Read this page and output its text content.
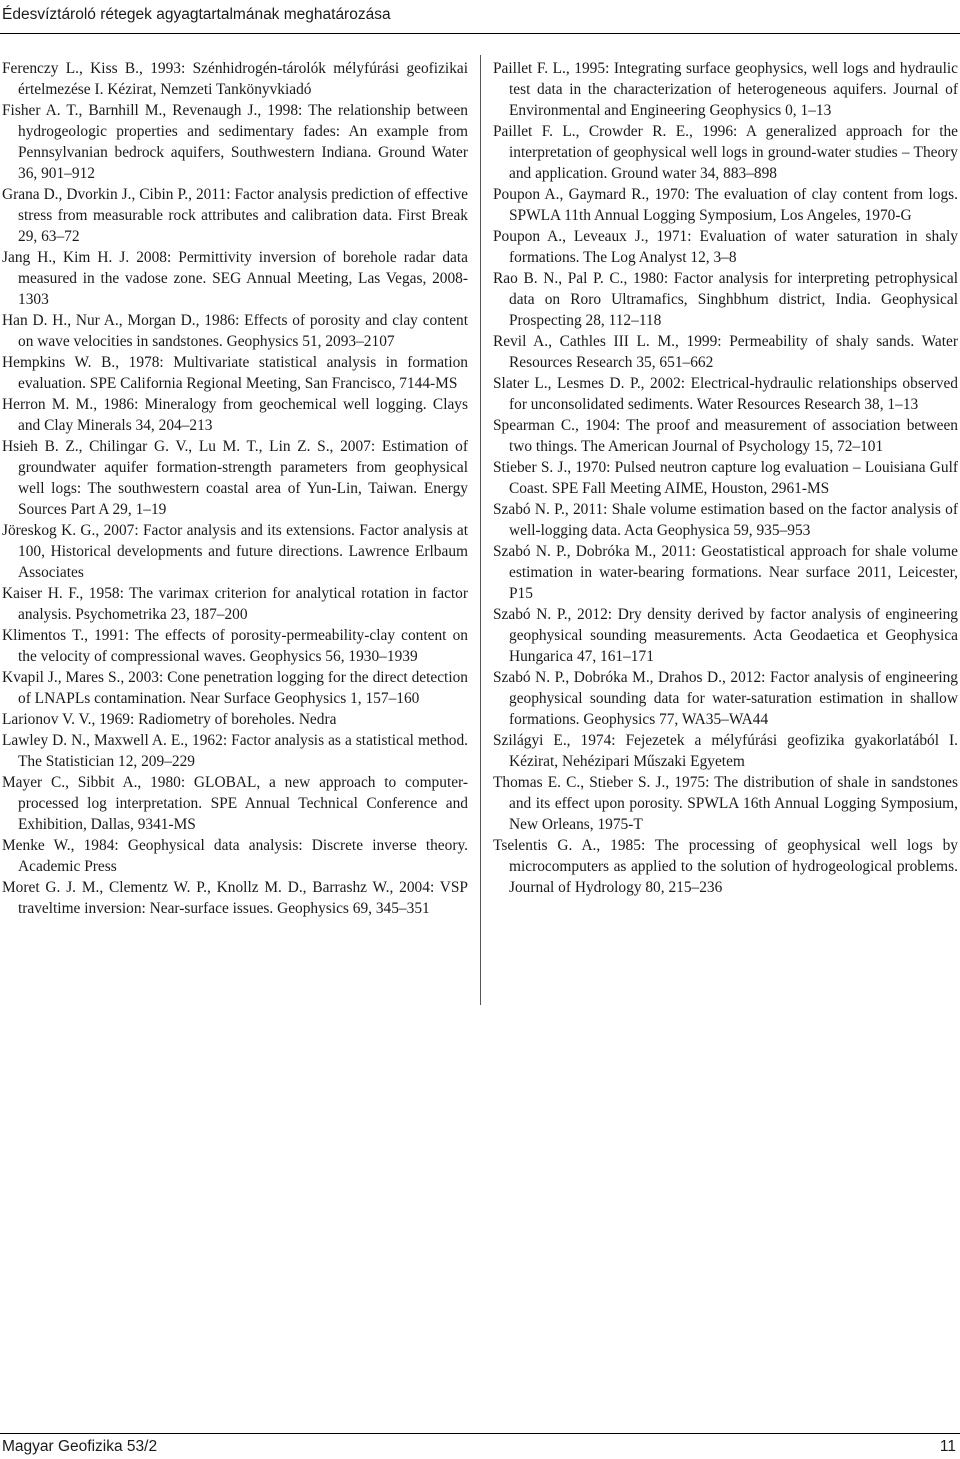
Édesvíztároló rétegek agyagtartalmának meghatározása

Ferenczy L., Kiss B., 1993: Szénhidrogén-tárolók mélyfúrási geofizikai értelmezése I. Kézirat, Nemzeti Tankönyvkiadó

Fisher A. T., Barnhill M., Revenaugh J., 1998: The relationship between hydrogeologic properties and sedimentary fades: An example from Pennsylvanian bedrock aquifers, Southwestern Indiana. Ground Water 36, 901–912

Grana D., Dvorkin J., Cibin P., 2011: Factor analysis prediction of effective stress from measurable rock attributes and calibration data. First Break 29, 63–72

Jang H., Kim H. J. 2008: Permittivity inversion of borehole radar data measured in the vadose zone. SEG Annual Meeting, Las Vegas, 2008-1303

Han D. H., Nur A., Morgan D., 1986: Effects of porosity and clay content on wave velocities in sandstones. Geophysics 51, 2093–2107

Hempkins W. B., 1978: Multivariate statistical analysis in formation evaluation. SPE California Regional Meeting, San Francisco, 7144-MS

Herron M. M., 1986: Mineralogy from geochemical well logging. Clays and Clay Minerals 34, 204–213

Hsieh B. Z., Chilingar G. V., Lu M. T., Lin Z. S., 2007: Estimation of groundwater aquifer formation-strength parameters from geophysical well logs: The southwestern coastal area of Yun-Lin, Taiwan. Energy Sources Part A 29, 1–19

Jöreskog K. G., 2007: Factor analysis and its extensions. Factor analysis at 100, Historical developments and future directions. Lawrence Erlbaum Associates

Kaiser H. F., 1958: The varimax criterion for analytical rotation in factor analysis. Psychometrika 23, 187–200

Klimentos T., 1991: The effects of porosity-permeability-clay content on the velocity of compressional waves. Geophysics 56, 1930–1939

Kvapil J., Mares S., 2003: Cone penetration logging for the direct detection of LNAPLs contamination. Near Surface Geophysics 1, 157–160

Larionov V. V., 1969: Radiometry of boreholes. Nedra

Lawley D. N., Maxwell A. E., 1962: Factor analysis as a statistical method. The Statistician 12, 209–229

Mayer C., Sibbit A., 1980: GLOBAL, a new approach to computer-processed log interpretation. SPE Annual Technical Conference and Exhibition, Dallas, 9341-MS

Menke W., 1984: Geophysical data analysis: Discrete inverse theory. Academic Press

Moret G. J. M., Clementz W. P., Knollz M. D., Barrashz W., 2004: VSP traveltime inversion: Near-surface issues. Geophysics 69, 345–351

Paillet F. L., 1995: Integrating surface geophysics, well logs and hydraulic test data in the characterization of heterogeneous aquifers. Journal of Environmental and Engineering Geophysics 0, 1–13

Paillet F. L., Crowder R. E., 1996: A generalized approach for the interpretation of geophysical well logs in ground-water studies – Theory and application. Ground water 34, 883–898

Poupon A., Gaymard R., 1970: The evaluation of clay content from logs. SPWLA 11th Annual Logging Symposium, Los Angeles, 1970-G

Poupon A., Leveaux J., 1971: Evaluation of water saturation in shaly formations. The Log Analyst 12, 3–8

Rao B. N., Pal P. C., 1980: Factor analysis for interpreting petrophysical data on Roro Ultramafics, Singhbhum district, India. Geophysical Prospecting 28, 112–118

Revil A., Cathles III L. M., 1999: Permeability of shaly sands. Water Resources Research 35, 651–662

Slater L., Lesmes D. P., 2002: Electrical-hydraulic relationships observed for unconsolidated sediments. Water Resources Research 38, 1–13

Spearman C., 1904: The proof and measurement of association between two things. The American Journal of Psychology 15, 72–101

Stieber S. J., 1970: Pulsed neutron capture log evaluation – Louisiana Gulf Coast. SPE Fall Meeting AIME, Houston, 2961-MS

Szabó N. P., 2011: Shale volume estimation based on the factor analysis of well-logging data. Acta Geophysica 59, 935–953

Szabó N. P., Dobróka M., 2011: Geostatistical approach for shale volume estimation in water-bearing formations. Near surface 2011, Leicester, P15

Szabó N. P., 2012: Dry density derived by factor analysis of engineering geophysical sounding measurements. Acta Geodaetica et Geophysica Hungarica 47, 161–171

Szabó N. P., Dobróka M., Drahos D., 2012: Factor analysis of engineering geophysical sounding data for water-saturation estimation in shallow formations. Geophysics 77, WA35–WA44

Szilágyi E., 1974: Fejezetek a mélyfúrási geofizika gyakorlatából I. Kézirat, Nehézipari Műszaki Egyetem

Thomas E. C., Stieber S. J., 1975: The distribution of shale in sandstones and its effect upon porosity. SPWLA 16th Annual Logging Symposium, New Orleans, 1975-T

Tselentis G. A., 1985: The processing of geophysical well logs by microcomputers as applied to the solution of hydrogeological problems. Journal of Hydrology 80, 215–236

Magyar Geofizika 53/2	11
